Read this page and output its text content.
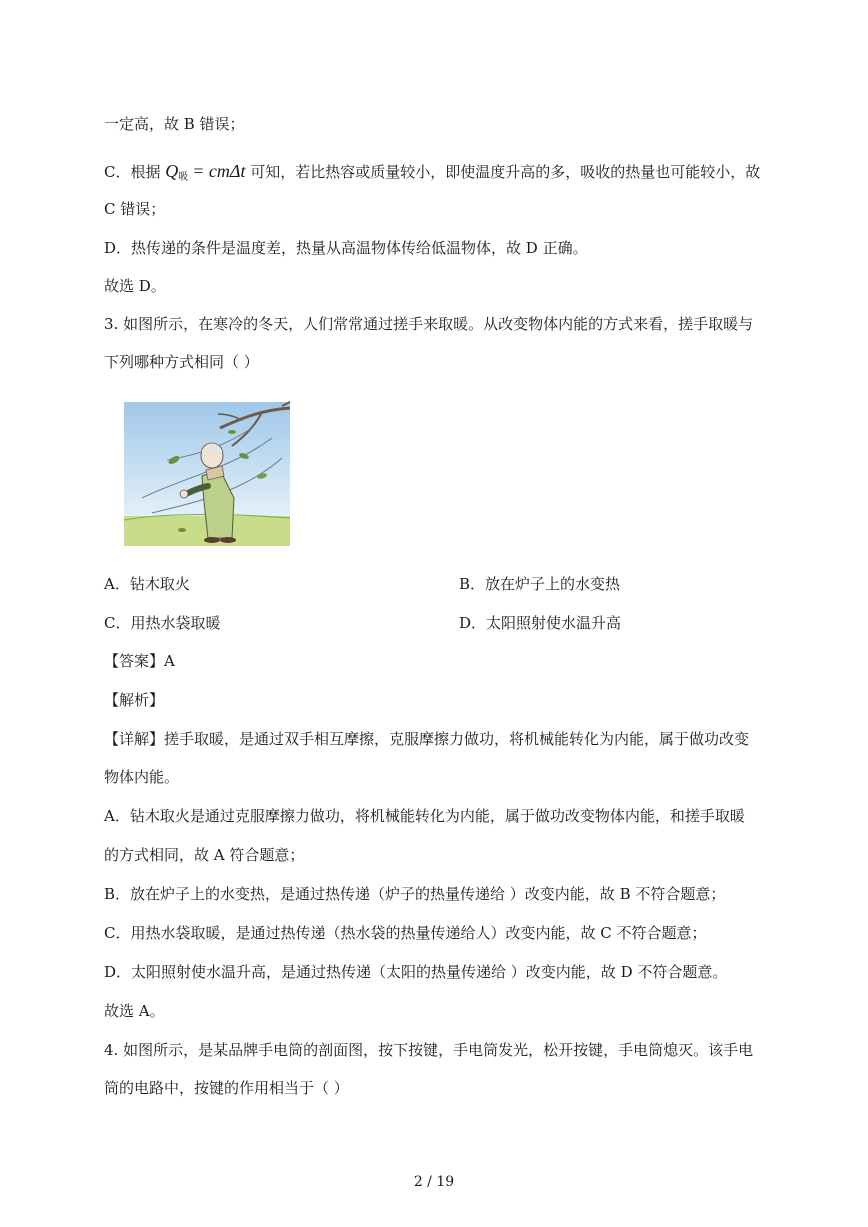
一定高，故 B 错误；
C．根据 $Q_吸 = cm\Delta t$ 可知，若比热容或质量较小，即使温度升高的多，吸收的热量也可能较小，故
C 错误；
D．热传递的条件是温度差，热量从高温物体传给低温物体，故 D 正确。
故选 D。
3. 如图所示，在寒冷的冬天，人们常常通过搓手来取暖。从改变物体内能的方式来看，搓手取暖与
下列哪种方式相同（ ）
A．钻木取火	B．放在炉子上的水变热
C．用热水袋取暖	D．太阳照射使水温升高
【答案】A
【解析】
【详解】搓手取暖，是通过双手相互摩擦，克服摩擦力做功，将机械能转化为内能，属于做功改变
物体内能。
A．钻木取火是通过克服摩擦力做功，将机械能转化为内能，属于做功改变物体内能，和搓手取暖
的方式相同，故 A 符合题意；
B．放在炉子上的水变热，是通过热传递（炉子的热量传递给 ）改变内能，故 B 不符合题意；
C．用热水袋取暖，是通过热传递（热水袋的热量传递给人）改变内能，故 C 不符合题意；
D．太阳照射使水温升高，是通过热传递（太阳的热量传递给 ）改变内能，故 D 不符合题意。
故选 A。
4. 如图所示，是某品牌手电筒的剖面图，按下按键，手电筒发光，松开按键，手电筒熄灭。该手电
筒的电路中，按键的作用相当于（ ）
2 / 19
